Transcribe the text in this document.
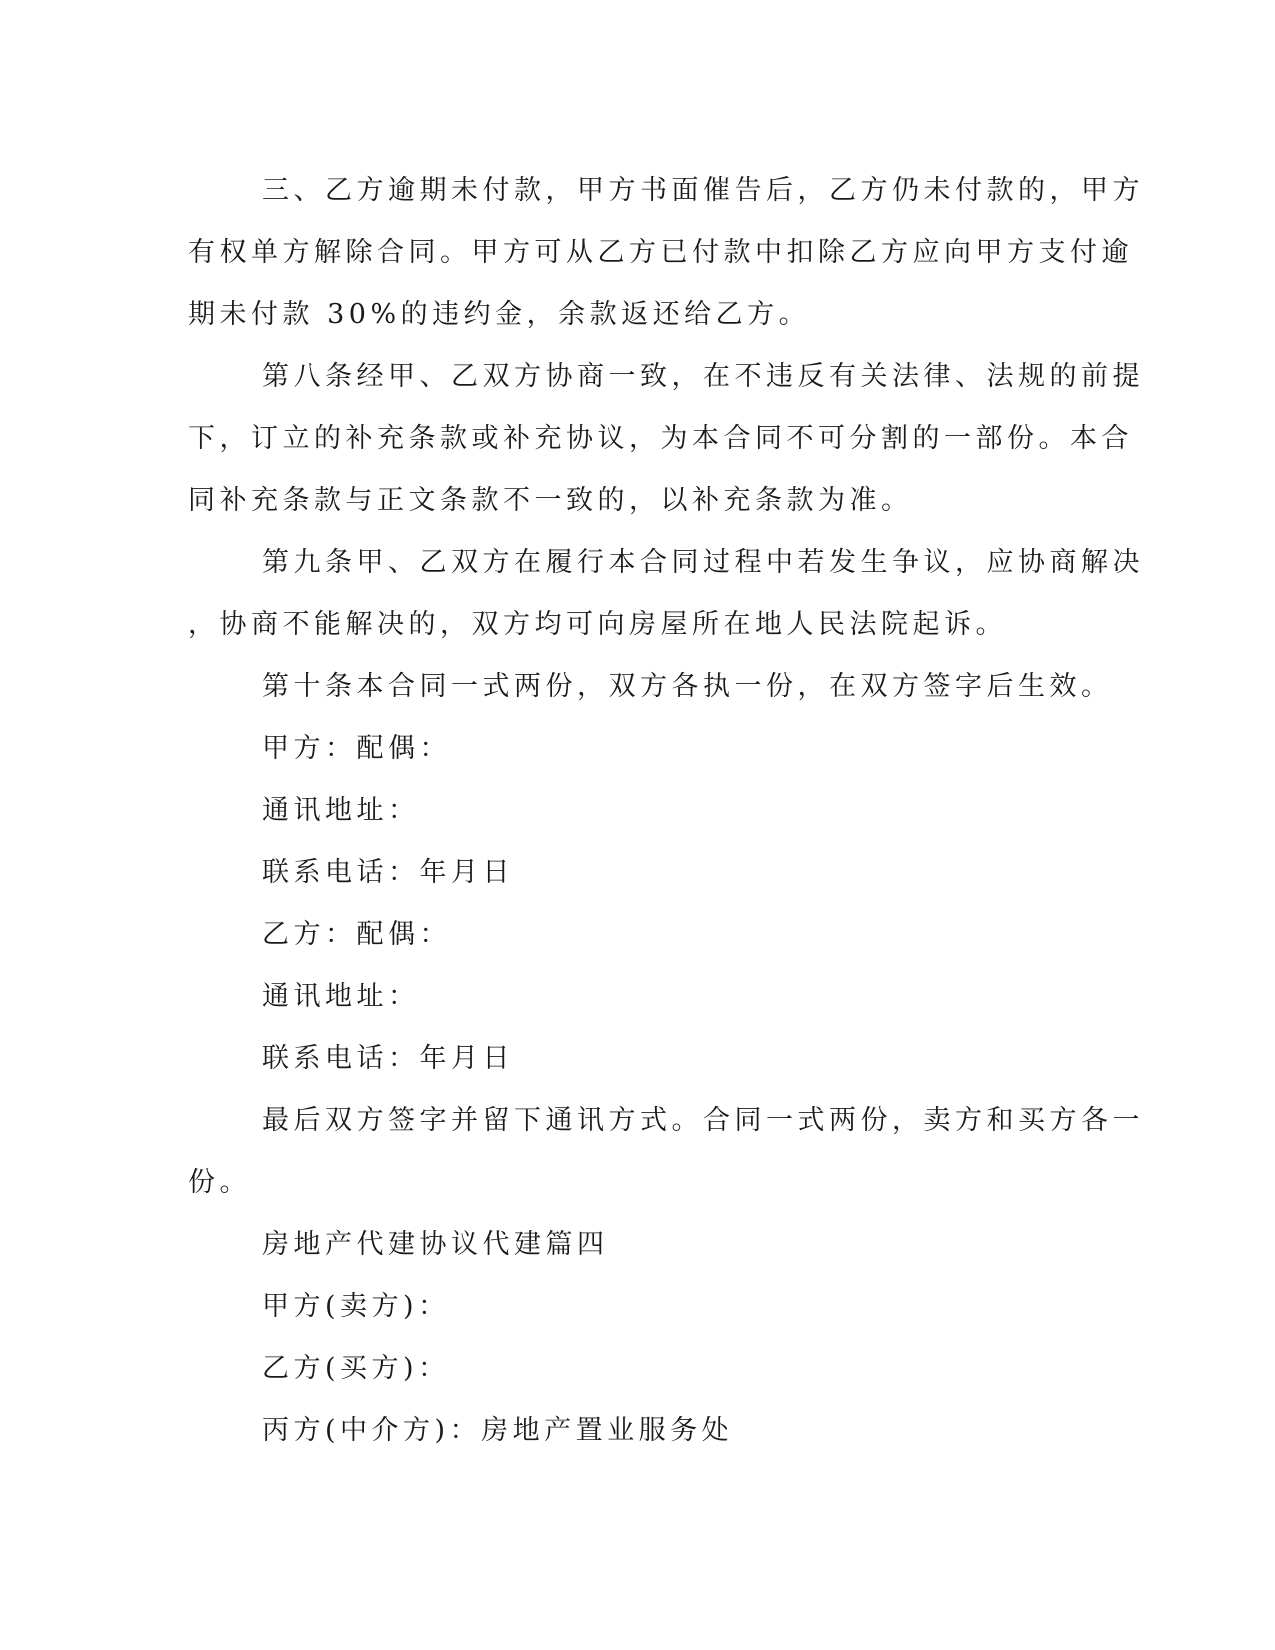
三、乙方逾期未付款，甲方书面催告后，乙方仍未付款的，甲方
有权单方解除合同。甲方可从乙方已付款中扣除乙方应向甲方支付逾
期未付款 30%的违约金，余款返还给乙方。
第八条经甲、乙双方协商一致，在不违反有关法律、法规的前提
下，订立的补充条款或补充协议，为本合同不可分割的一部份。本合
同补充条款与正文条款不一致的，以补充条款为准。
第九条甲、乙双方在履行本合同过程中若发生争议，应协商解决
，协商不能解决的，双方均可向房屋所在地人民法院起诉。
第十条本合同一式两份，双方各执一份，在双方签字后生效。
甲方：配偶：
通讯地址：
联系电话：年月日
乙方：配偶：
通讯地址：
联系电话：年月日
最后双方签字并留下通讯方式。合同一式两份，卖方和买方各一
份。
房地产代建协议代建篇四
甲方(卖方)：
乙方(买方)：
丙方(中介方)：房地产置业服务处
